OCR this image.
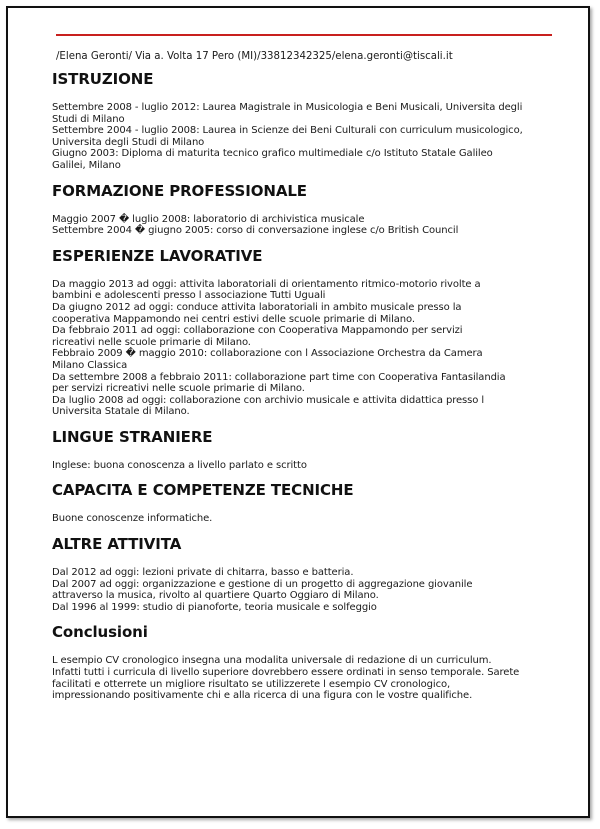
/Elena Geronti/ Via a. Volta 17 Pero (MI)/33812342325/elena.geronti@tiscali.it
ISTRUZIONE
Settembre 2008 - luglio 2012: Laurea Magistrale in Musicologia e Beni Musicali, Universita degli
Studi di Milano
Settembre 2004 - luglio 2008: Laurea in Scienze dei Beni Culturali con curriculum musicologico,
Universita degli Studi di Milano
Giugno 2003: Diploma di maturita tecnico grafico multimediale c/o Istituto Statale Galileo
Galilei, Milano
FORMAZIONE PROFESSIONALE
Maggio 2007 � luglio 2008: laboratorio di archivistica musicale
Settembre 2004 � giugno 2005: corso di conversazione inglese c/o British Council
ESPERIENZE LAVORATIVE
Da maggio 2013 ad oggi: attivita laboratoriali di orientamento ritmico-motorio rivolte a
bambini e adolescenti presso l associazione Tutti Uguali
Da giugno 2012 ad oggi: conduce attivita laboratoriali in ambito musicale presso la
cooperativa Mappamondo nei centri estivi delle scuole primarie di Milano.
Da febbraio 2011 ad oggi: collaborazione con Cooperativa Mappamondo per servizi
ricreativi nelle scuole primarie di Milano.
Febbraio 2009 � maggio 2010: collaborazione con l Associazione Orchestra da Camera
Milano Classica
Da settembre 2008 a febbraio 2011: collaborazione part time con Cooperativa Fantasilandia
per servizi ricreativi nelle scuole primarie di Milano.
Da luglio 2008 ad oggi: collaborazione con archivio musicale e attivita didattica presso l
Universita Statale di Milano.
LINGUE STRANIERE
Inglese: buona conoscenza a livello parlato e scritto
CAPACITA E COMPETENZE TECNICHE
Buone conoscenze informatiche.
ALTRE ATTIVITA
Dal 2012 ad oggi: lezioni private di chitarra, basso e batteria.
Dal 2007 ad oggi: organizzazione e gestione di un progetto di aggregazione giovanile
attraverso la musica, rivolto al quartiere Quarto Oggiaro di Milano.
Dal 1996 al 1999: studio di pianoforte, teoria musicale e solfeggio
Conclusioni
L esempio CV cronologico insegna una modalita universale di redazione di un curriculum.
Infatti tutti i curricula di livello superiore dovrebbero essere ordinati in senso temporale. Sarete
facilitati e otterrete un migliore risultato se utilizzerete l esempio CV cronologico,
impressionando positivamente chi e alla ricerca di una figura con le vostre qualifiche.
